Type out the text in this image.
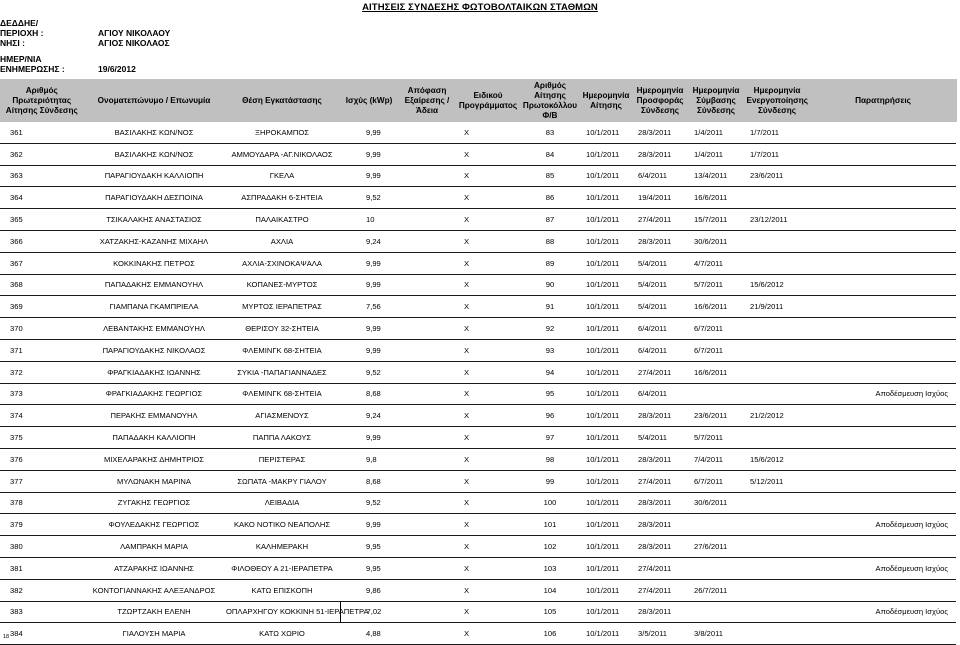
ΑΙΤΗΣΕΙΣ ΣΥΝΔΕΣΗΣ ΦΩΤΟΒΟΛΤΑΙΚΩΝ ΣΤΑΘΜΩΝ
ΔΕΔΔΗΕ/
ΠΕΡΙΟΧΗ :	ΑΓΙΟΥ ΝΙΚΟΛΑΟΥ
ΝΗΣΙ :	ΑΓΙΟΣ ΝΙΚΟΛΑΟΣ
ΗΜΕΡ/ΝΙΑ
ΕΝΗΜΕΡΩΣΗΣ :	19/6/2012
Αριθμός Πρωτεριότητας Αίτησης Σύνδεσης	Ονοματεπώνυμο / Επωνυμία	Θέση Εγκατάστασης	Ισχύς (kWp)	Απόφαση Εξαίρεσης / Άδεια	Ειδικού Προγράμματος	Αριθμός Αίτησης Πρωτοκόλλου Φ/Β	Ημερομηνία Αίτησης	Ημερομηνία Προσφοράς Σύνδεσης	Ημερομηνία Σύμβασης Σύνδεσης	Ημερομηνία Ενεργοποίησης Σύνδεσης	Παρατηρήσεις
361	ΒΑΣΙΛΑΚΗΣ ΚΩΝ/ΝΟΣ	ΞΗΡΟΚΑΜΠΟΣ	9,99		X	83	10/1/2011	28/3/2011	1/4/2011	1/7/2011	
362	ΒΑΣΙΛΑΚΗΣ ΚΩΝ/ΝΟΣ	ΑΜΜΟΥΔΑΡΑ -ΑΓ.ΝΙΚΟΛΑΟΣ	9,99		X	84	10/1/2011	28/3/2011	1/4/2011	1/7/2011	
363	ΠΑΡΑΓΙΟΥΔΑΚΗ ΚΑΛΛΙΟΠΗ	ΓΚΕΛΑ	9,99		X	85	10/1/2011	6/4/2011	13/4/2011	23/6/2011	
364	ΠΑΡΑΓΙΟΥΔΑΚΗ ΔΕΣΠΟΙΝΑ	ΑΣΠΡΑΔΑΚΗ 6-ΣΗΤΕΙΑ	9,52		X	86	10/1/2011	19/4/2011	16/6/2011		
365	ΤΣΙΚΑΛΑΚΗΣ ΑΝΑΣΤΑΣΙΟΣ	ΠΑΛΑΙΚΑΣΤΡΟ	10		X	87	10/1/2011	27/4/2011	15/7/2011	23/12/2011	
366	ΧΑΤΖΑΚΗΣ-ΚΑΖΑΝΗΣ ΜΙΧΑΗΛ	ΑΧΛΙΑ	9,24		X	88	10/1/2011	28/3/2011	30/6/2011		
367	ΚΟΚΚΙΝΑΚΗΣ ΠΕΤΡΟΣ	ΑΧΛΙΑ-ΣΧΙΝΟΚΑΨΑΛΑ	9,99		X	89	10/1/2011	5/4/2011	4/7/2011		
368	ΠΑΠΑΔΑΚΗΣ ΕΜΜΑΝΟΥΗΛ	ΚΟΠΑΝΕΣ-ΜΥΡΤΟΣ	9,99		X	90	10/1/2011	5/4/2011	5/7/2011	15/6/2012	
369	ΓΙΑΜΠΑΝΑ ΓΚΑΜΠΡΙΕΛΑ	ΜΥΡΤΟΣ ΙΕΡΑΠΕΤΡΑΣ	7,56		X	91	10/1/2011	5/4/2011	16/6/2011	21/9/2011	
370	ΛΕΒΑΝΤΑΚΗΣ ΕΜΜΑΝΟΥΗΛ	ΘΕΡΙΣΟΥ 32-ΣΗΤΕΙΑ	9,99		X	92	10/1/2011	6/4/2011	6/7/2011		
371	ΠΑΡΑΓΙΟΥΔΑΚΗΣ ΝΙΚΟΛΑΟΣ	ΦΛΕΜΙΝΓΚ 68-ΣΗΤΕΙΑ	9,99		X	93	10/1/2011	6/4/2011	6/7/2011		
372	ΦΡΑΓΚΙΑΔΑΚΗΣ ΙΩΑΝΝΗΣ	ΣΥΚΙΑ -ΠΑΠΑΓΙΑΝΝΑΔΕΣ	9,52		X	94	10/1/2011	27/4/2011	16/6/2011		
373	ΦΡΑΓΚΙΑΔΑΚΗΣ ΓΕΩΡΓΙΟΣ	ΦΛΕΜΙΝΓΚ 68-ΣΗΤΕΙΑ	8,68		X	95	10/1/2011	6/4/2011			Αποδέσμευση Ισχύος
374	ΠΕΡΑΚΗΣ ΕΜΜΑΝΟΥΗΛ	ΑΓΙΑΣΜΕΝΟΥΣ	9,24		X	96	10/1/2011	28/3/2011	23/6/2011	21/2/2012	
375	ΠΑΠΑΔΑΚΗ ΚΑΛΛΙΟΠΗ	ΠΑΠΠΑ ΛΑΚΟΥΣ	9,99		X	97	10/1/2011	5/4/2011	5/7/2011		
376	ΜΙΧΕΛΑΡΑΚΗΣ ΔΗΜΗΤΡΙΟΣ	ΠΕΡΙΣΤΕΡΑΣ	9,8		X	98	10/1/2011	28/3/2011	7/4/2011	15/6/2012	
377	ΜΥΛΩΝΑΚΗ ΜΑΡΙΝΑ	ΣΩΠΑΤΑ -ΜΑΚΡΥ ΓΙΑΛΟΥ	8,68		X	99	10/1/2011	27/4/2011	6/7/2011	5/12/2011	
378	ΖΥΓΑΚΗΣ ΓΕΩΡΓΙΟΣ	ΛΕΙΒΑΔΙΑ	9,52		X	100	10/1/2011	28/3/2011	30/6/2011		
379	ΦΟΥΛΕΔΑΚΗΣ ΓΕΩΡΓΙΟΣ	ΚΑΚΟ ΝΟΤΙΚΟ ΝΕΑΠΟΛΗΣ	9,99		X	101	10/1/2011	28/3/2011			Αποδέσμευση Ισχύος
380	ΛΑΜΠΡΑΚΗ ΜΑΡΙΑ	ΚΑΛΗΜΕΡΑΚΗ	9,95		X	102	10/1/2011	28/3/2011	27/6/2011		
381	ΑΤΖΑΡΑΚΗΣ ΙΩΑΝΝΗΣ	ΦΙΛΟΘΕΟΥ Α 21-ΙΕΡΑΠΕΤΡΑ	9,95		X	103	10/1/2011	27/4/2011			Αποδέσμευση Ισχύος
382	ΚΟΝΤΟΓΙΑΝΝΑΚΗΣ ΑΛΕΞΑΝΔΡΟΣ	ΚΑΤΩ ΕΠΙΣΚΟΠΗ	9,86		X	104	10/1/2011	27/4/2011	26/7/2011		
383	ΤΖΩΡΤΖΑΚΗ ΕΛΕΝΗ	ΟΠΛΑΡΧΗΓΟΥ ΚΟΚΚΙΝΗ 51-ΙΕΡΑΠΕΤΡΑ	7,02		X	105	10/1/2011	28/3/2011			Αποδέσμευση Ισχύος
384	ΓΙΑΛΟΥΣΗ ΜΑΡΙΑ	ΚΑΤΩ ΧΩΡΙΟ	4,88		X	106	10/1/2011	3/5/2011	3/8/2011		
18
